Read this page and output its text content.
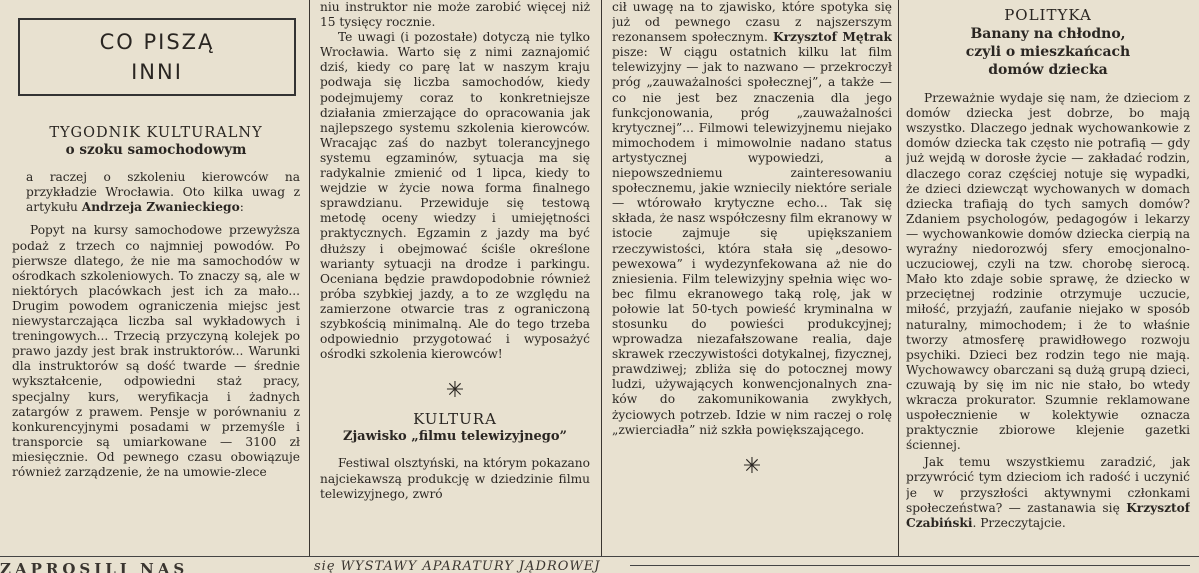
CO PISZĄ
INNI
TYGODNIK KULTURALNY
o szoku samochodowym

a raczej o szkoleniu kierowców na przykładzie Wrocławia. Oto kilka uwag z artykułu Andrzeja Zwanieckiego:

Popyt na kursy samochodowe przewyższa podaż z trzech co najmniej powodów. Po pierwsze dlatego, że nie ma samochodów w ośrodkach szkoleniowych. To znaczy są, ale w niektórych placówkach jest ich za mało... Drugim powodem ograniczenia miejsc jest niewystarczająca liczba sal wykładowych i treningowych... Trzecią przyczyną kolejek po prawo jazdy jest brak instruktorów... Warunki dla instruktorów są dość twarde — średnie wykształcenie, odpowiedni staż pracy, specjalny kurs, weryfikacja i żadnych zatargów z prawem. Pensje w porównaniu z konkurencyjnymi posadami w przemyśle i transporcie są umiarkowane — 3100 zł miesięcznie. Od pewnego czasu obowiązuje również zarządzenie, że na umowie-zlece

niu instruktor nie może zarobić więcej niż 15 tysięcy rocznie.

Te uwagi (i pozostałe) dotyczą nie tylko Wrocławia. Warto się z nimi zaznajomić dziś, kiedy co parę lat w naszym kraju podwaja się liczba samochodów, kiedy podejmujemy coraz to konkretniejsze działania zmierzające do opracowania jak najlepszego systemu szkolenia kierowców. Wracając zaś do nazbyt tolerancyjnego systemu egzaminów, sytuacja ma się radykalnie zmienić od 1 lipca, kiedy to wejdzie w życie nowa forma finalnego sprawdzianu. Przewiduje się testową metodę oceny wiedzy i umiejętności praktycznych. Egzamin z jazdy ma być dłuższy i obejmować ściśle określone warianty sytuacji na drodze i parkingu. Oceniana będzie prawdopodobnie również próba szybkiej jazdy, a to ze względu na zamierzone otwarcie tras z ograniczoną szybkością minimalną. Ale do tego trzeba odpowiednio przygotować i wyposażyć ośrodki szkolenia kierowców!

✳
KULTURA
Zjawisko „filmu telewizyjnego”

Festiwal olsztyński, na którym pokazano najciekawszą produkcję w dziedzinie filmu telewizyjnego, zwró

cił uwagę na to zjawisko, które spotyka się już od pewnego czasu z najszerszym rezonansem społecznym. Krzysztof Mętrak pisze: W ciągu ostatnich kilku lat film telewizyjny — jak to nazwano — przekroczył próg „zauważalności społecznej”, a także — co nie jest bez znaczenia dla jego funkcjonowania, próg „zauważalności krytycznej”... Filmowi telewizyjnemu niejako mimochodem i mimowolnie nadano status artystycznej wypowiedzi, a niepowszedniemu zainteresowaniu społecznemu, jakie wzniecily niektóre seriale — wtórowało krytyczne echo... Tak się składa, że nasz współczesny film ekranowy w istocie zajmuje się upiększaniem rzeczywistości, która stała się „desowo-pewexowa” i wydezynfekowana aż nie do zniesienia. Film telewizyjny spełnia więc wobec filmu ekranowego taką rolę, jak w połowie lat 50-tych powieść kryminalna w stosunku do powieści produkcyjnej; wprowadza niezafałszowane realia, daje skrawek rzeczywistości dotykalnej, fizycznej, prawdziwej; zbliża się do potocznej mowy ludzi, używających konwencjonalnych znaków do zakomunikowania zwykłych, życiowych potrzeb. Idzie w nim raczej o rolę „zwierciadła” niż szkła powiększającego.

✳
POLITYKA
Banany na chłodno,
czyli o mieszkańcach
domów dziecka

Przeważnie wydaje się nam, że dzieciom z domów dziecka jest dobrze, bo mają wszystko. Dlaczego jednak wychowankowie z domów dziecka tak często nie potrafią — gdy już wejdą w dorosłe życie — zakładać rodzin, dlaczego coraz częściej notuje się wypadki, że dzieci dziewcząt wychowanych w domach dziecka trafiają do tych samych domów? Zdaniem psychologów, pedagogów i lekarzy — wychowankowie domów dziecka cierpią na wyraźny niedorozwój sfery emocjonalno-uczuciowej, czyli na tzw. chorobę sierocą. Mało kto zdaje sobie sprawę, że dziecko w przeciętnej rodzinie otrzymuje uczucie, miłość, przyjaźń, zaufanie niejako w sposób naturalny, mimochodem; i że to właśnie tworzy atmosferę prawidłowego rozwoju psychiki. Dzieci bez rodzin tego nie mają. Wychowawcy obarczani są dużą grupą dzieci, czuwają by się im nic nie stało, bo wtedy wkracza prokurator. Szumnie reklamowane uspołecznienie w kolektywie oznacza praktycznie zbiorowe klejenie gazetki ściennej.

Jak temu wszystkiemu zaradzić, jak przywrócić tym dzieciom ich radość i uczynić je w przyszłości aktywnymi członkami społeczeństwa? — zastanawia się Krzysztof Czabiński. Przeczytajcie.

ZAPROSILI NAS	się WYSTAWY APARATURY JĄDROWEJ
